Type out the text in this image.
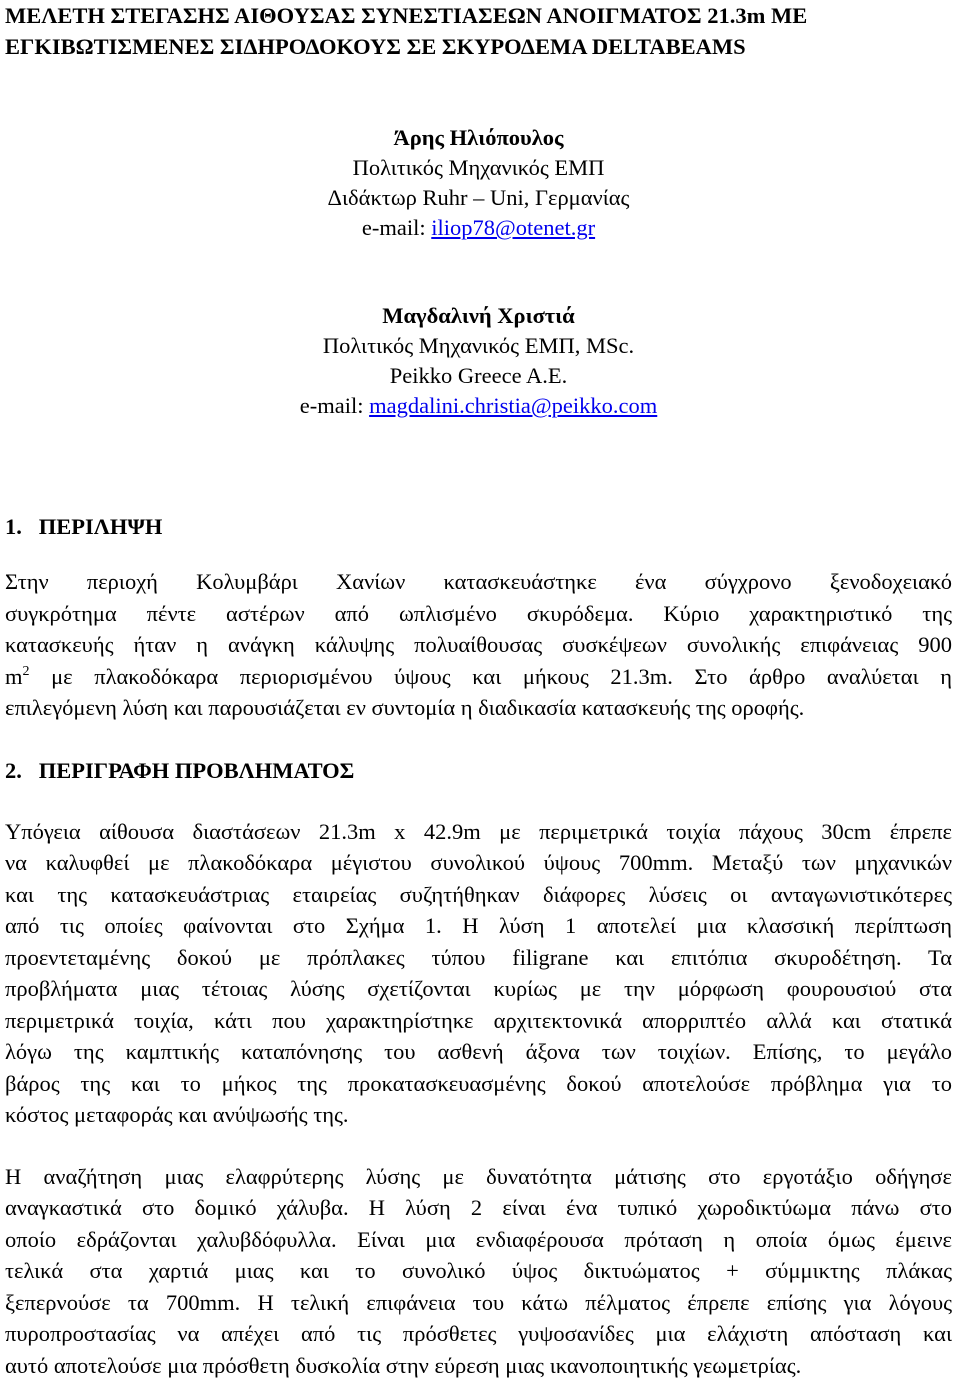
ΜΕΛΕΤΗ ΣΤΕΓΑΣΗΣ ΑΙΘΟΥΣΑΣ ΣΥΝΕΣΤΙΑΣΕΩΝ ΑΝΟΙΓΜΑΤΟΣ 21.3m ΜΕ
ΕΓΚΙΒΩΤΙΣΜΕΝΕΣ ΣΙΔΗΡΟΔΟΚΟΥΣ ΣΕ ΣΚΥΡΟΔΕΜΑ DELTABEAMS
Άρης Ηλιόπουλος
Πολιτικός Μηχανικός ΕΜΠ
Διδάκτωρ Ruhr – Uni, Γερμανίας
e-mail: iliop78@otenet.gr
Μαγδαλινή Χριστιά
Πολιτικός Μηχανικός ΕΜΠ, MSc.
Peikko Greece A.E.
e-mail: magdalini.christia@peikko.com
1.   ΠΕΡΙΛΗΨΗ
Στην περιοχή Κολυμβάρι Χανίων κατασκευάστηκε ένα σύγχρονο ξενοδοχειακό
συγκρότημα πέντε αστέρων από ωπλισμένο σκυρόδεμα. Κύριο χαρακτηριστικό της
κατασκευής ήταν η ανάγκη κάλυψης πολυαίθουσας συσκέψεων συνολικής επιφάνειας 900
$m^2$ με πλακοδόκαρα περιορισμένου ύψους και μήκους 21.3m. Στο άρθρο αναλύεται η
επιλεγόμενη λύση και παρουσιάζεται εν συντομία η διαδικασία κατασκευής της οροφής.
2.   ΠΕΡΙΓΡΑΦΗ ΠΡΟΒΛΗΜΑΤΟΣ
Υπόγεια αίθουσα διαστάσεων 21.3m x 42.9m με περιμετρικά τοιχία πάχους 30cm έπρεπε
να καλυφθεί με πλακοδόκαρα μέγιστου συνολικού ύψους 700mm. Μεταξύ των μηχανικών
και της κατασκευάστριας εταιρείας συζητήθηκαν διάφορες λύσεις οι ανταγωνιστικότερες
από τις οποίες φαίνονται στο Σχήμα 1. Η λύση 1 αποτελεί μια κλασσική περίπτωση
προεντεταμένης δοκού με πρόπλακες τύπου filigrane και επιτόπια σκυροδέτηση. Τα
προβλήματα μιας τέτοιας λύσης σχετίζονται κυρίως με την μόρφωση φουρουσιού στα
περιμετρικά τοιχία, κάτι που χαρακτηρίστηκε αρχιτεκτονικά απορριπτέο αλλά και στατικά
λόγω της καμπτικής καταπόνησης του ασθενή άξονα των τοιχίων. Επίσης, το μεγάλο
βάρος της και το μήκος της προκατασκευασμένης δοκού αποτελούσε πρόβλημα για το
κόστος μεταφοράς και ανύψωσής της.
Η αναζήτηση μιας ελαφρύτερης λύσης με δυνατότητα μάτισης στο εργοτάξιο οδήγησε
αναγκαστικά στο δομικό χάλυβα. Η λύση 2 είναι ένα τυπικό χωροδικτύωμα πάνω στο
οποίο εδράζονται χαλυβδόφυλλα. Είναι μια ενδιαφέρουσα πρόταση η οποία όμως έμεινε
τελικά στα χαρτιά μιας και το συνολικό ύψος δικτυώματος + σύμμικτης πλάκας
ξεπερνούσε τα 700mm. Η τελική επιφάνεια του κάτω πέλματος έπρεπε επίσης για λόγους
πυροπροστασίας να απέχει από τις πρόσθετες γυψοσανίδες μια ελάχιστη απόσταση και
αυτό αποτελούσε μια πρόσθετη δυσκολία στην εύρεση μιας ικανοποιητικής γεωμετρίας.
